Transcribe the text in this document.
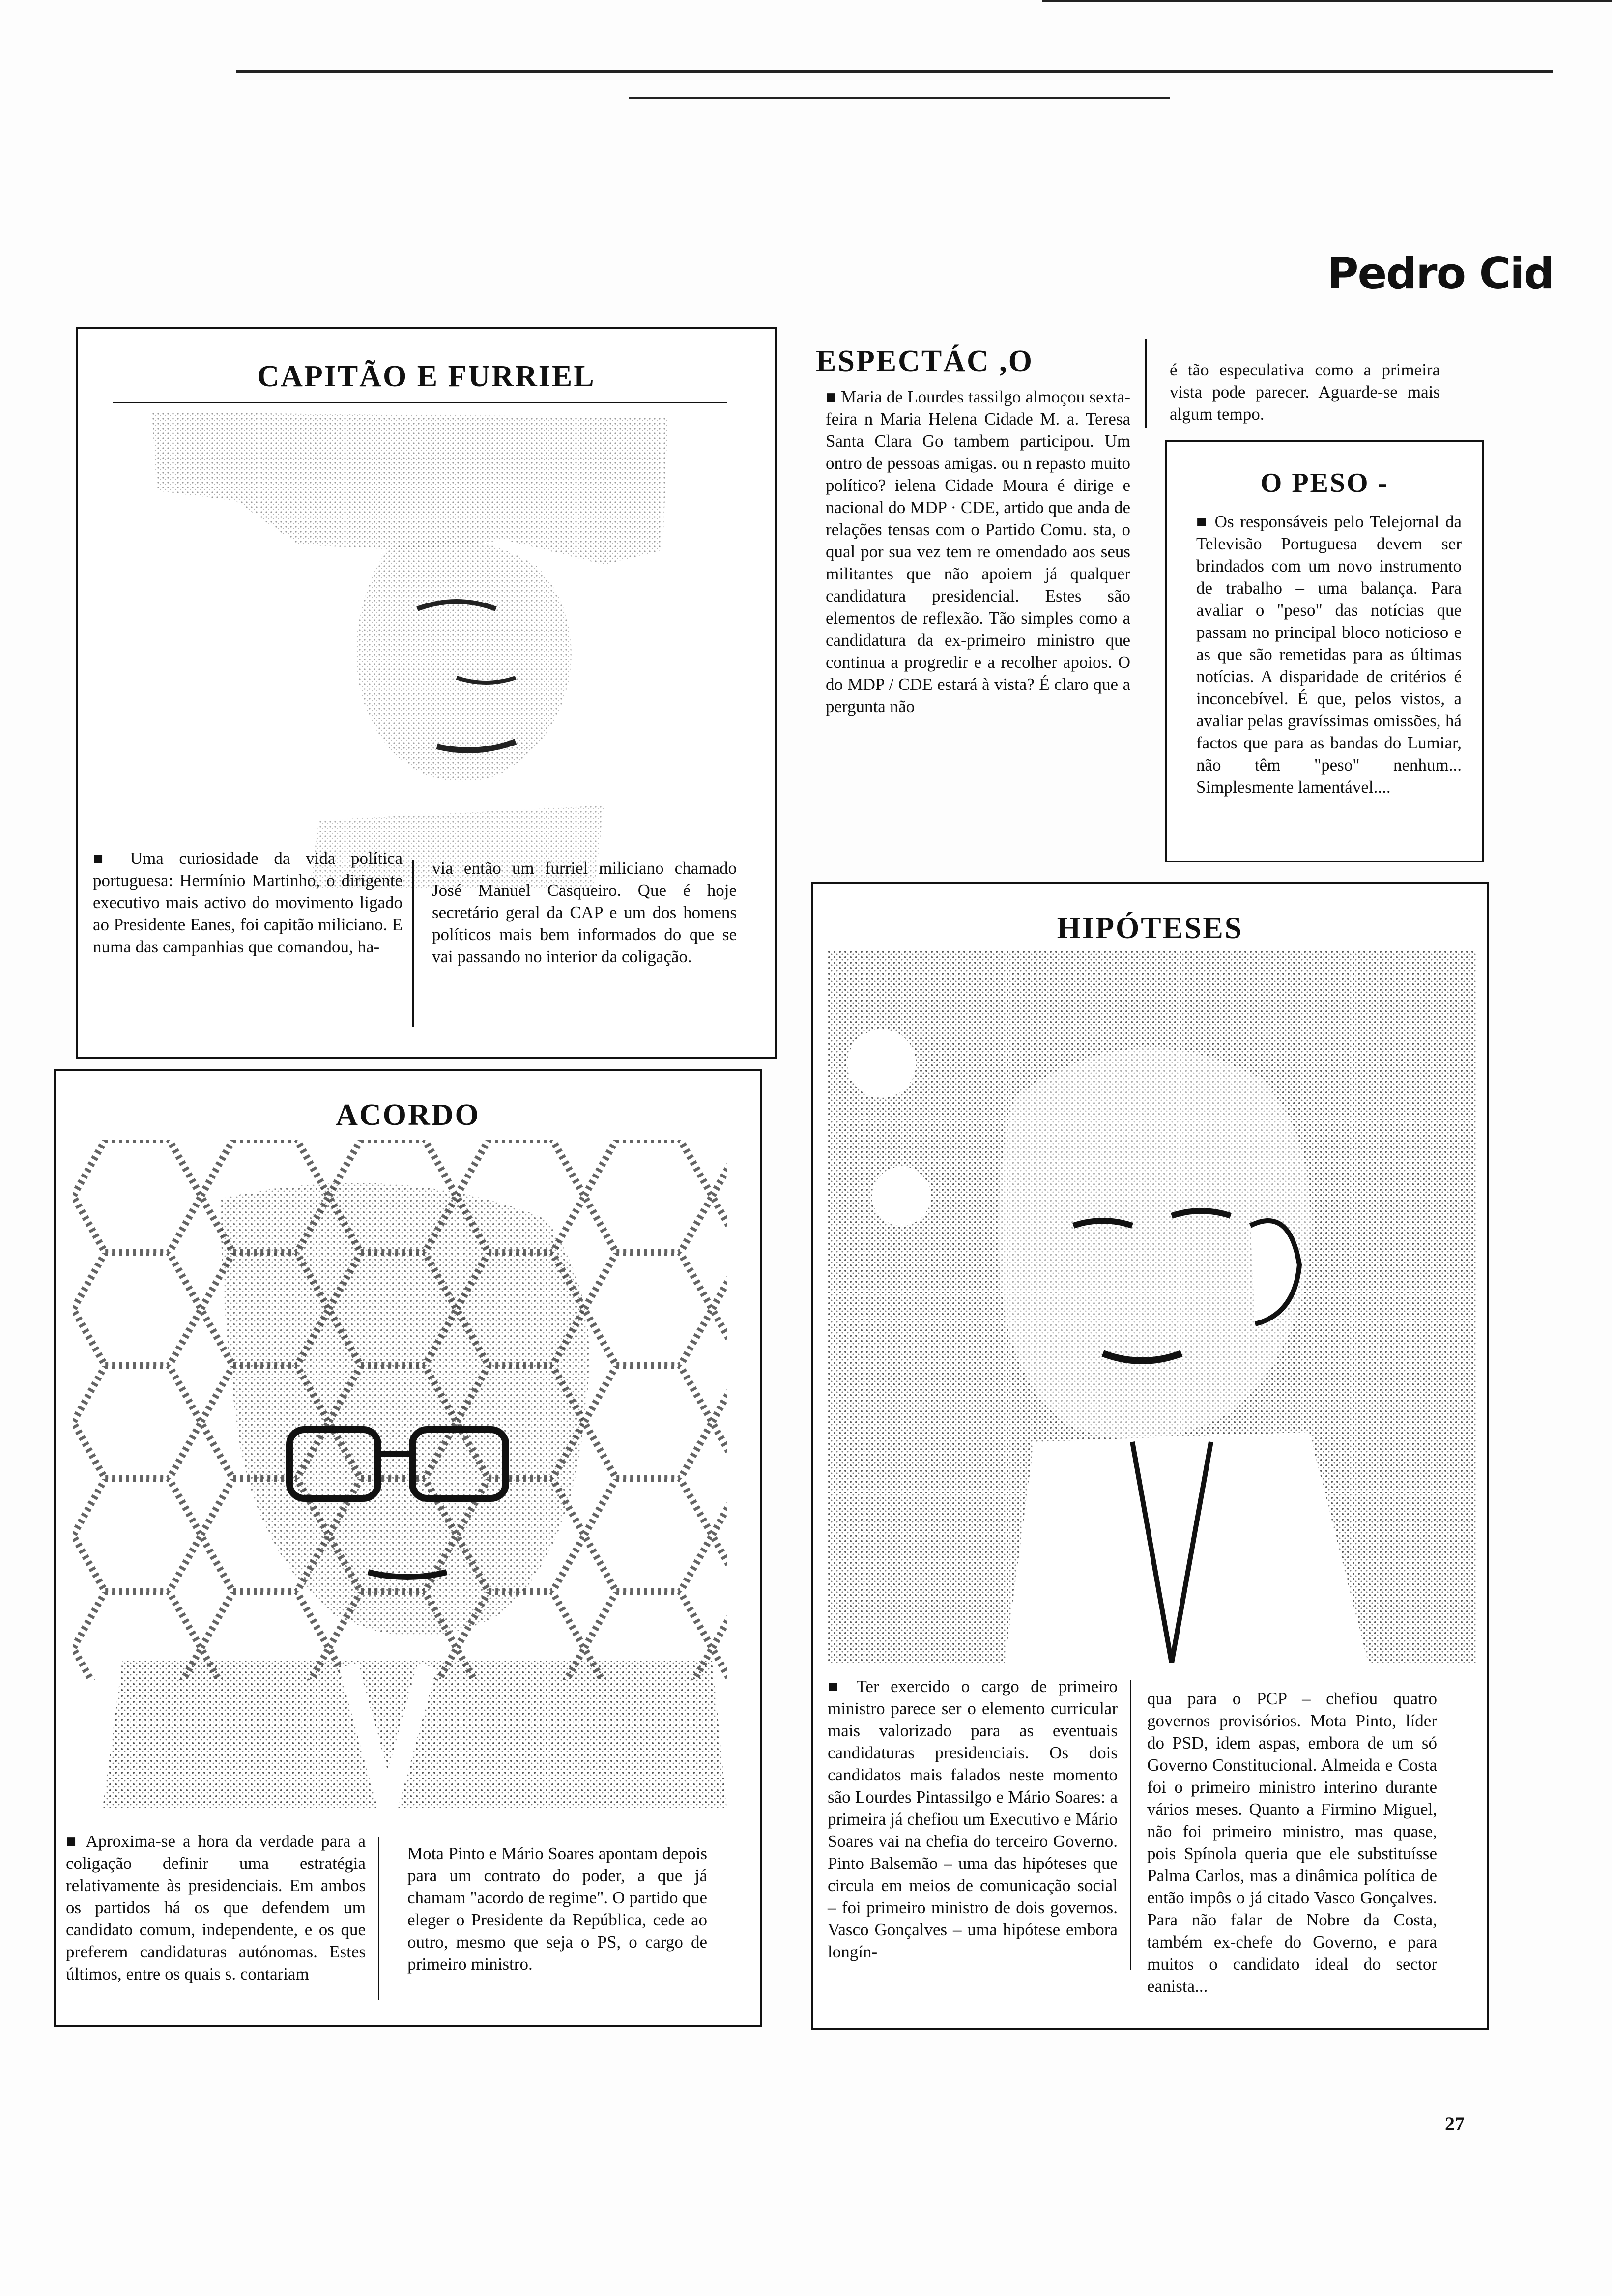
Pedro Cid
CAPITÃO E FURRIEL

■ Uma curiosidade da vida política portuguesa: Hermínio Martinho, o dirigente executivo mais activo do movimento ligado ao Presidente Eanes, foi capitão miliciano. E numa das campanhias que comandou, ha-

via então um furriel miliciano chamado José Manuel Casqueiro. Que é hoje secretário geral da CAP e um dos homens políticos mais bem informados do que se vai passando no interior da coligação.

ESPECTÁC ,O

■ Maria de Lourdes tassilgo almoçou sexta-feira n Maria Helena Cidade M. a. Teresa Santa Clara Go tambem participou. Um ontro de pessoas amigas. ou n repasto muito político? ielena Cidade Moura é dirige e nacional do MDP · CDE, artido que anda de relações tensas com o Partido Comu. sta, o qual por sua vez tem re omendado aos seus militantes que não apoiem já qualquer candidatura presidencial. Estes são elementos de reflexão. Tão simples como a candidatura da ex-primeiro ministro que continua a progredir e a recolher apoios. O do MDP / CDE estará à vista? É claro que a pergunta não

é tão especulativa como a primeira vista pode parecer. Aguarde-se mais algum tempo.

O PESO -

■ Os responsáveis pelo Telejornal da Televisão Portuguesa devem ser brindados com um novo instrumento de trabalho – uma balança. Para avaliar o "peso" das notícias que passam no principal bloco noticioso e as que são remetidas para as últimas notícias. A disparidade de critérios é inconcebível. É que, pelos vistos, a avaliar pelas gravíssimas omissões, há factos que para as bandas do Lumiar, não têm "peso" nenhum... Simplesmente lamentável....

ACORDO

■ Aproxima-se a hora da verdade para a coligação definir uma estratégia relativamente às presidenciais. Em ambos os partidos há os que defendem um candidato comum, independente, e os que preferem candidaturas autónomas. Estes últimos, entre os quais s. contariam

Mota Pinto e Mário Soares apontam depois para um contrato do poder, a que já chamam "acordo de regime". O partido que eleger o Presidente da República, cede ao outro, mesmo que seja o PS, o cargo de primeiro ministro.

HIPÓTESES

■ Ter exercido o cargo de primeiro ministro parece ser o elemento curricular mais valorizado para as eventuais candidaturas presidenciais. Os dois candidatos mais falados neste momento são Lourdes Pintassilgo e Mário Soares: a primeira já chefiou um Executivo e Mário Soares vai na chefia do terceiro Governo. Pinto Balsemão – uma das hipóteses que circula em meios de comunicação social – foi primeiro ministro de dois governos. Vasco Gonçalves – uma hipótese embora longín-

qua para o PCP – chefiou quatro governos provisórios. Mota Pinto, líder do PSD, idem aspas, embora de um só Governo Constitucional. Almeida e Costa foi o primeiro ministro interino durante vários meses. Quanto a Firmino Miguel, não foi primeiro ministro, mas quase, pois Spínola queria que ele substituísse Palma Carlos, mas a dinâmica política de então impôs o já citado Vasco Gonçalves. Para não falar de Nobre da Costa, também ex-chefe do Governo, e para muitos o candidato ideal do sector eanista...

27
